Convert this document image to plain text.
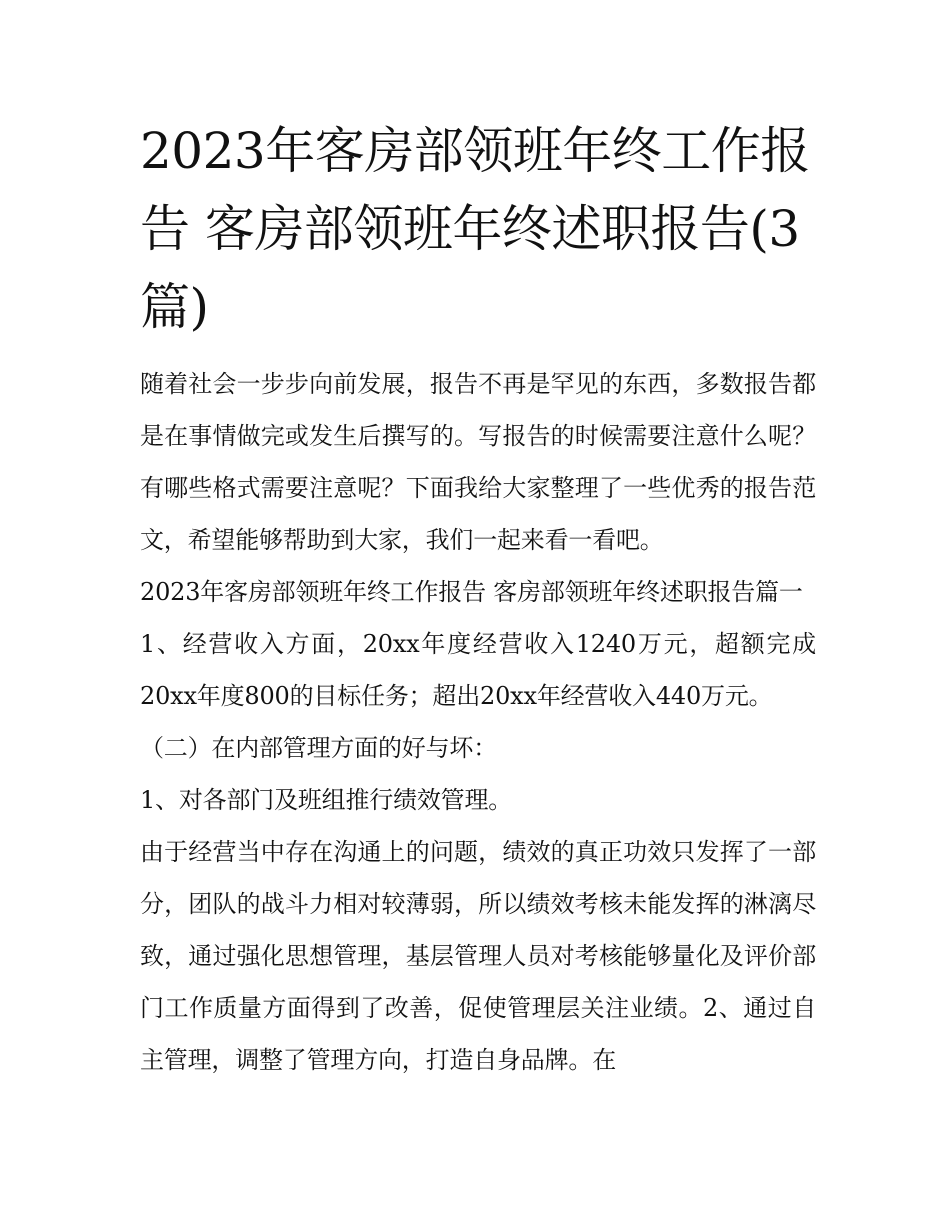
2023年客房部领班年终工作报告 客房部领班年终述职报告(3篇)

随着社会一步步向前发展，报告不再是罕见的东西，多数报告都是在事情做完或发生后撰写的。写报告的时候需要注意什么呢？有哪些格式需要注意呢？下面我给大家整理了一些优秀的报告范文，希望能够帮助到大家，我们一起来看一看吧。

2023年客房部领班年终工作报告 客房部领班年终述职报告篇一

1、经营收入方面，20xx年度经营收入1240万元，超额完成20xx年度800的目标任务；超出20xx年经营收入440万元。

（二）在内部管理方面的好与坏：

1、对各部门及班组推行绩效管理。

由于经营当中存在沟通上的问题，绩效的真正功效只发挥了一部分，团队的战斗力相对较薄弱，所以绩效考核未能发挥的淋漓尽致，通过强化思想管理，基层管理人员对考核能够量化及评价部门工作质量方面得到了改善，促使管理层关注业绩。2、通过自主管理，调整了管理方向，打造自身品牌。在
